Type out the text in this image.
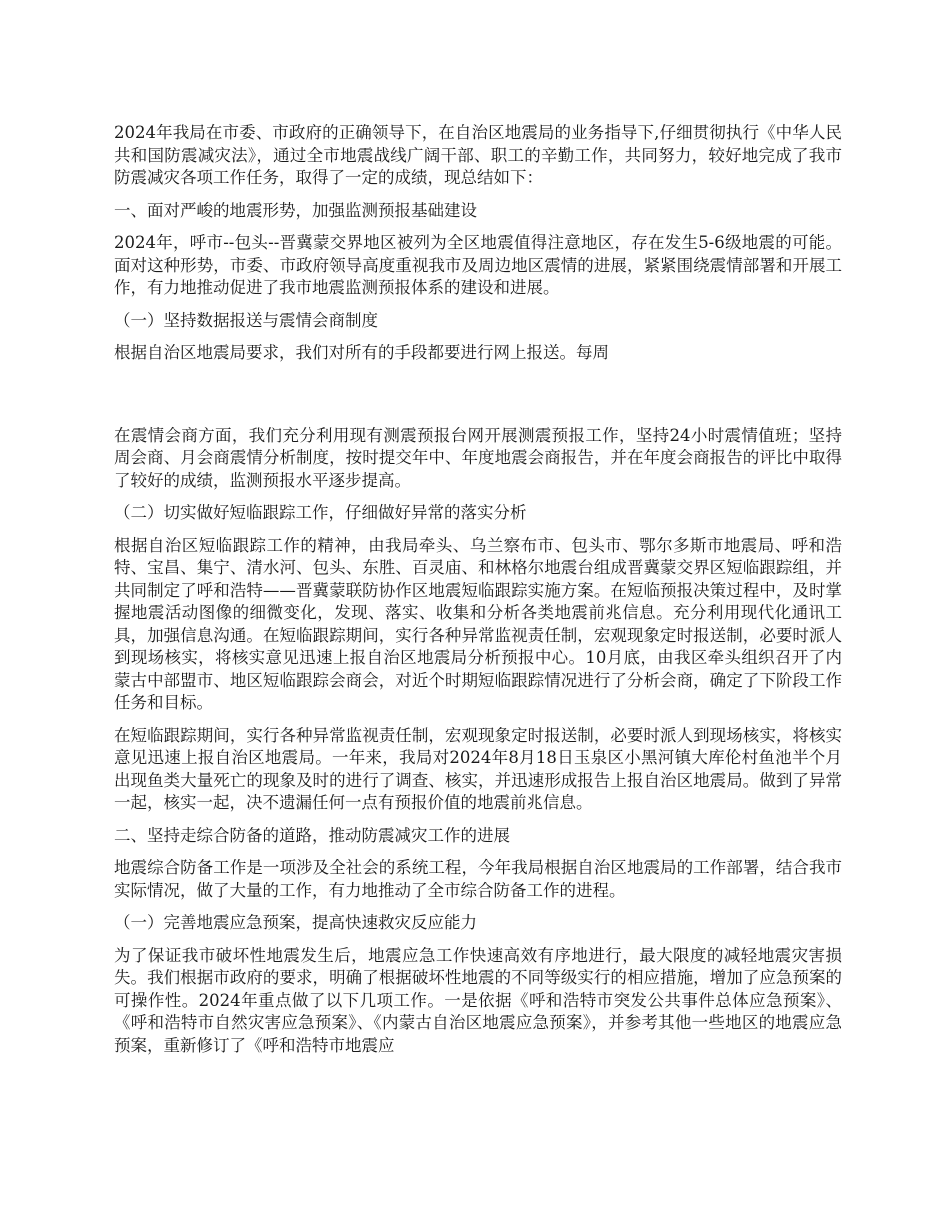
2024年我局在市委、市政府的正确领导下，在自治区地震局的业务指导下,仔细贯彻执行《中华人民共和国防震减灾法》，通过全市地震战线广阔干部、职工的辛勤工作，共同努力，较好地完成了我市防震减灾各项工作任务，取得了一定的成绩，现总结如下：

一、面对严峻的地震形势，加强监测预报基础建设

2024年，呼市--包头--晋冀蒙交界地区被列为全区地震值得注意地区，存在发生5-6级地震的可能。面对这种形势，市委、市政府领导高度重视我市及周边地区震情的进展，紧紧围绕震情部署和开展工作，有力地推动促进了我市地震监测预报体系的建设和进展。

（一）坚持数据报送与震情会商制度

根据自治区地震局要求，我们对所有的手段都要进行网上报送。每周

在震情会商方面，我们充分利用现有测震预报台网开展测震预报工作，坚持24小时震情值班；坚持周会商、月会商震情分析制度，按时提交年中、年度地震会商报告，并在年度会商报告的评比中取得了较好的成绩，监测预报水平逐步提高。

（二）切实做好短临跟踪工作，仔细做好异常的落实分析

根据自治区短临跟踪工作的精神，由我局牵头、乌兰察布市、包头市、鄂尔多斯市地震局、呼和浩特、宝昌、集宁、清水河、包头、东胜、百灵庙、和林格尔地震台组成晋冀蒙交界区短临跟踪组，并共同制定了呼和浩特——晋冀蒙联防协作区地震短临跟踪实施方案。在短临预报决策过程中，及时掌握地震活动图像的细微变化，发现、落实、收集和分析各类地震前兆信息。充分利用现代化通讯工具，加强信息沟通。在短临跟踪期间，实行各种异常监视责任制，宏观现象定时报送制，必要时派人到现场核实，将核实意见迅速上报自治区地震局分析预报中心。10月底，由我区牵头组织召开了内蒙古中部盟市、地区短临跟踪会商会，对近个时期短临跟踪情况进行了分析会商，确定了下阶段工作任务和目标。

在短临跟踪期间，实行各种异常监视责任制，宏观现象定时报送制，必要时派人到现场核实，将核实意见迅速上报自治区地震局。一年来，我局对2024年8月18日玉泉区小黑河镇大库伦村鱼池半个月出现鱼类大量死亡的现象及时的进行了调查、核实，并迅速形成报告上报自治区地震局。做到了异常一起，核实一起，决不遗漏任何一点有预报价值的地震前兆信息。

二、坚持走综合防备的道路，推动防震减灾工作的进展

地震综合防备工作是一项涉及全社会的系统工程，今年我局根据自治区地震局的工作部署，结合我市实际情况，做了大量的工作，有力地推动了全市综合防备工作的进程。

（一）完善地震应急预案，提高快速救灾反应能力

为了保证我市破坏性地震发生后，地震应急工作快速高效有序地进行，最大限度的减轻地震灾害损失。我们根据市政府的要求，明确了根据破坏性地震的不同等级实行的相应措施，增加了应急预案的可操作性。2024年重点做了以下几项工作。一是依据《呼和浩特市突发公共事件总体应急预案》、《呼和浩特市自然灾害应急预案》、《内蒙古自治区地震应急预案》，并参考其他一些地区的地震应急预案，重新修订了《呼和浩特市地震应
